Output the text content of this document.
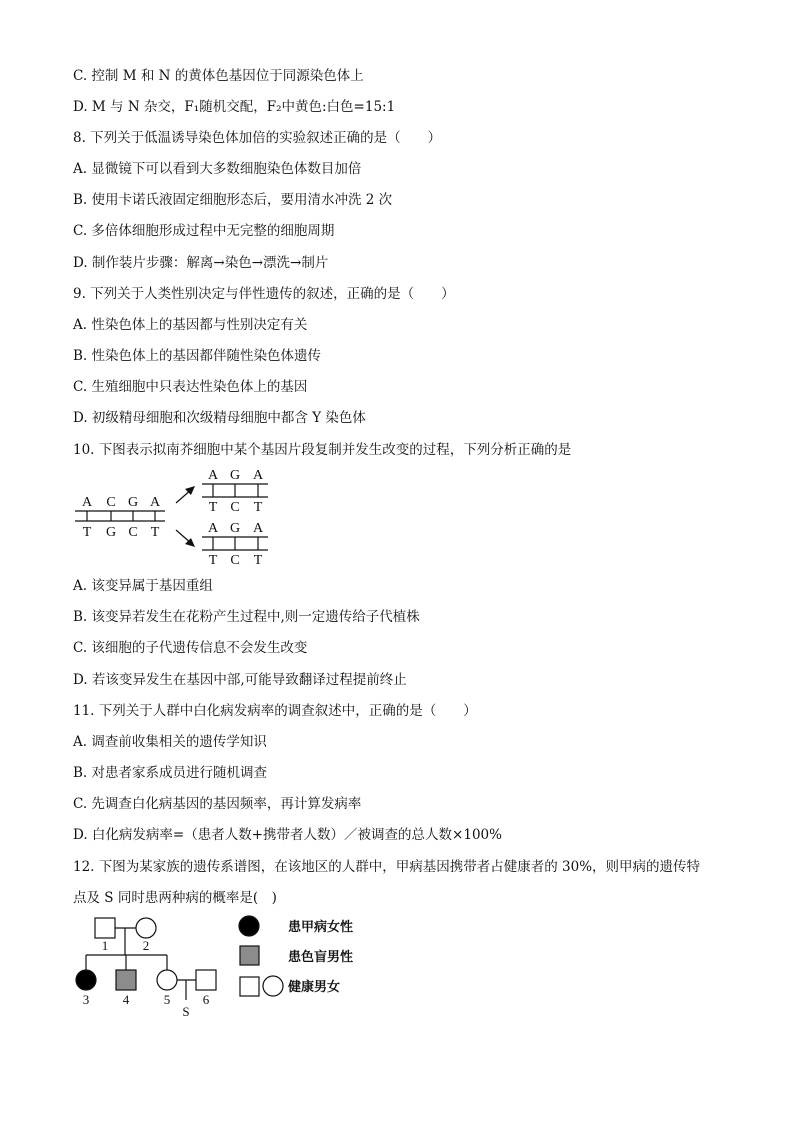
C. 控制 M 和 N 的黄体色基因位于同源染色体上
D. M 与 N 杂交，F₁随机交配，F₂中黄色:白色=15:1
8. 下列关于低温诱导染色体加倍的实验叙述正确的是（　　）
A. 显微镜下可以看到大多数细胞染色体数目加倍
B. 使用卡诺氏液固定细胞形态后，要用清水冲洗 2 次
C. 多倍体细胞形成过程中无完整的细胞周期
D. 制作装片步骤：解离→染色→漂洗→制片
9. 下列关于人类性别决定与伴性遗传的叙述，正确的是（　　）
A. 性染色体上的基因都与性别决定有关
B. 性染色体上的基因都伴随性染色体遗传
C. 生殖细胞中只表达性染色体上的基因
D. 初级精母细胞和次级精母细胞中都含 Y 染色体
10. 下图表示拟南芥细胞中某个基因片段复制并发生改变的过程，下列分析正确的是
A C G A
T G C T
A G A
T C T
A G A
T C T
A. 该变异属于基因重组
B. 该变异若发生在花粉产生过程中,则一定遗传给子代植株
C. 该细胞的子代遗传信息不会发生改变
D. 若该变异发生在基因中部,可能导致翻译过程提前终止
11. 下列关于人群中白化病发病率的调查叙述中，正确的是（　　）
A. 调查前收集相关的遗传学知识
B. 对患者家系成员进行随机调查
C. 先调查白化病基因的基因频率，再计算发病率
D. 白化病发病率=（患者人数+携带者人数）／被调查的总人数×100%
12. 下图为某家族的遗传系谱图，在该地区的人群中，甲病基因携带者占健康者的 30%，则甲病的遗传特
点及 S 同时患两种病的概率是(　)
1	2
3	4	5	6
S
患甲病女性
患色盲男性
健康男女
